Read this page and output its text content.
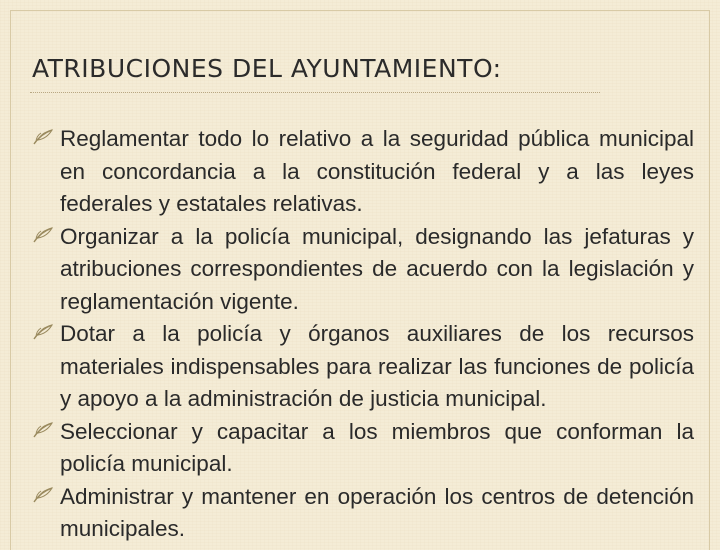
ATRIBUCIONES DEL AYUNTAMIENTO:
Reglamentar todo lo relativo a la seguridad pública municipal en concordancia a la constitución federal y a las leyes federales y estatales relativas.
Organizar a la policía municipal, designando las jefaturas y atribuciones correspondientes de acuerdo con la legislación y reglamentación vigente.
Dotar a la policía y órganos auxiliares de los recursos materiales indispensables para realizar las funciones de policía y apoyo a la administración de justicia municipal.
Seleccionar y capacitar a los miembros que conforman la policía municipal.
Administrar y mantener en operación los centros de detención municipales.
